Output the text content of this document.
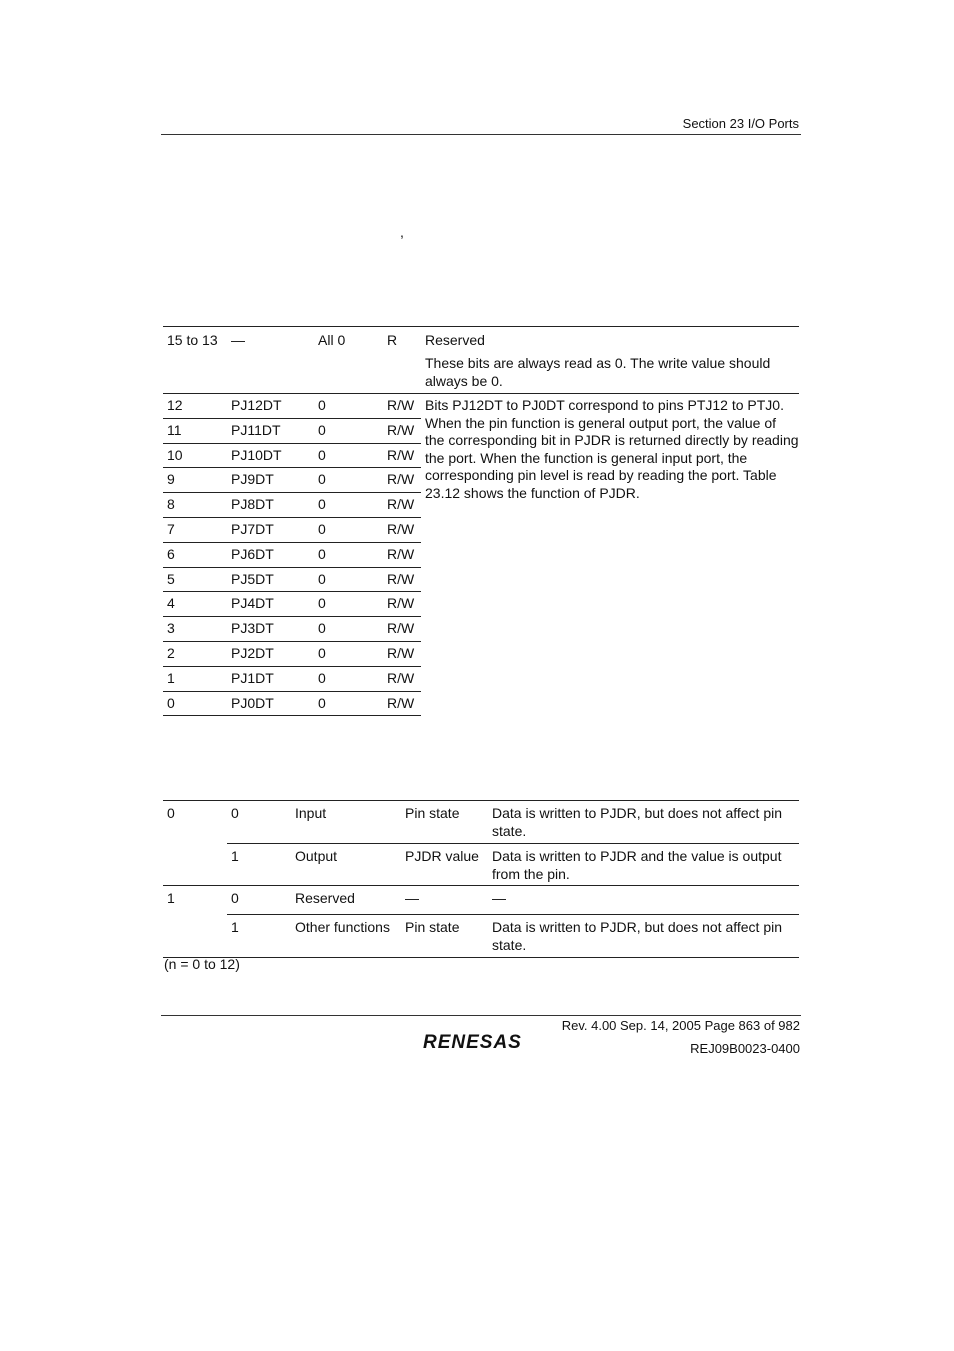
Section 23 I/O Ports
,
15 to 13	—	All 0	R	Reserved
These bits are always read as 0. The write value should always be 0.

12	PJ12DT	0	R/W	Bits PJ12DT to PJ0DT correspond to pins PTJ12 to PTJ0. When the pin function is general output port, the value of the corresponding bit in PJDR is returned directly by reading the port. When the function is general input port, the corresponding pin level is read by reading the port. Table 23.12 shows the function of PJDR.
11	PJ11DT	0	R/W	
10	PJ10DT	0	R/W	
9	PJ9DT	0	R/W	
8	PJ8DT	0	R/W	
7	PJ7DT	0	R/W	
6	PJ6DT	0	R/W	
5	PJ5DT	0	R/W	
4	PJ4DT	0	R/W	
3	PJ3DT	0	R/W	
2	PJ2DT	0	R/W	
1	PJ1DT	0	R/W	
0	PJ0DT	0	R/W	
0	0	Input	Pin state	Data is written to PJDR, but does not affect pin state.
	1	Output	PJDR value	Data is written to PJDR and the value is output from the pin.
1	0	Reserved	—	—
	1	Other functions	Pin state	Data is written to PJDR, but does not affect pin state.
(n = 0 to 12)
Rev. 4.00 Sep. 14, 2005 Page 863 of 982
REJ09B0023-0400
RENESAS
